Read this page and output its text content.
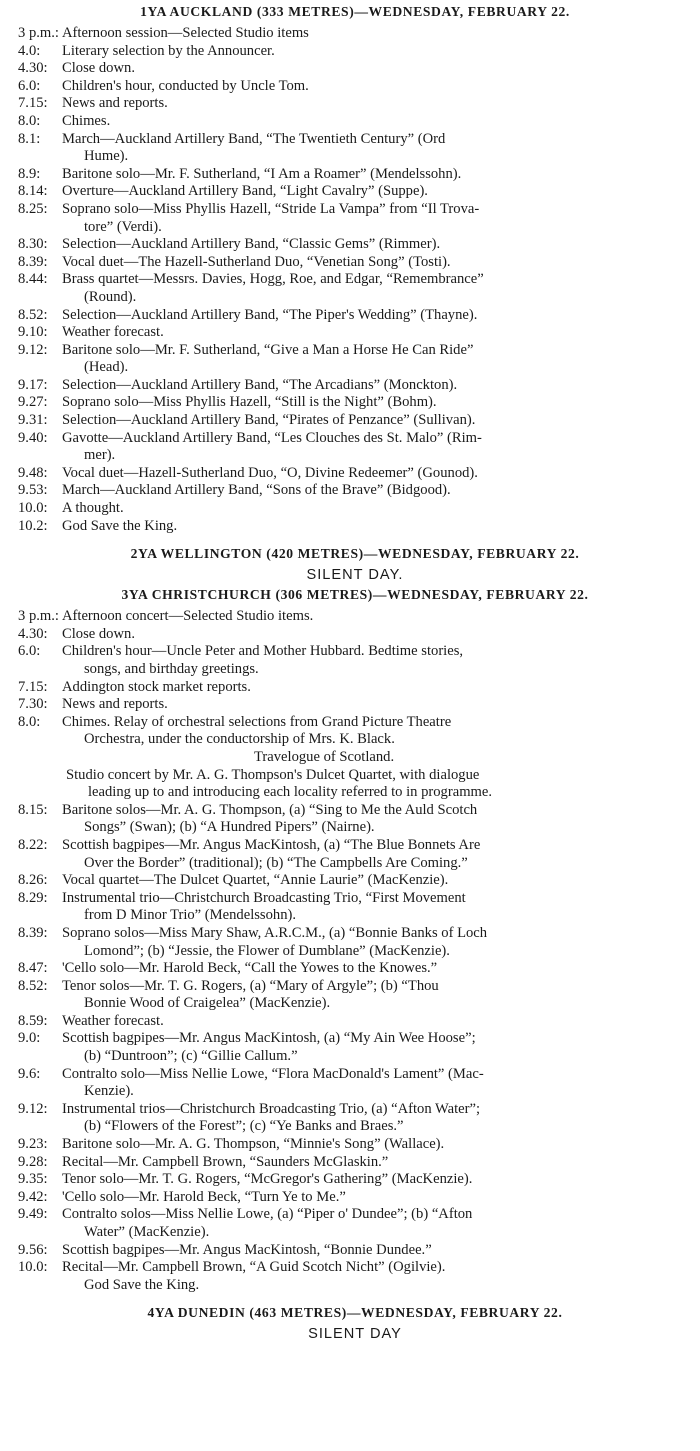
1YA AUCKLAND (333 METRES)—WEDNESDAY, FEBRUARY 22.
3 p.m.: Afternoon session—Selected Studio items
4.0:	Literary selection by the Announcer.
4.30: Close down.
6.0:	Children's hour, conducted by Uncle Tom.
7.15: News and reports.
8.0:	Chimes.
8.1:	March—Auckland Artillery Band, “The Twentieth Century” (Ord
Hume).
8.9:	Baritone solo—Mr. F. Sutherland, “I Am a Roamer” (Mendelssohn).
8.14: Overture—Auckland Artillery Band, “Light Cavalry” (Suppe).
8.25: Soprano solo—Miss Phyllis Hazell, “Stride La Vampa” from “Il Trova-
tore” (Verdi).
8.30: Selection—Auckland Artillery Band, “Classic Gems” (Rimmer).
8.39: Vocal duet—The Hazell-Sutherland Duo, “Venetian Song” (Tosti).
8.44: Brass quartet—Messrs. Davies, Hogg, Roe, and Edgar, “Remembrance”
(Round).
8.52: Selection—Auckland Artillery Band, “The Piper's Wedding” (Thayne).
9.10: Weather forecast.
9.12: Baritone solo—Mr. F. Sutherland, “Give a Man a Horse He Can Ride”
(Head).
9.17: Selection—Auckland Artillery Band, “The Arcadians” (Monckton).
9.27: Soprano solo—Miss Phyllis Hazell, “Still is the Night” (Bohm).
9.31: Selection—Auckland Artillery Band, “Pirates of Penzance” (Sullivan).
9.40: Gavotte—Auckland Artillery Band, “Les Clouches des St. Malo” (Rim-
mer).
9.48: Vocal duet—Hazell-Sutherland Duo, “O, Divine Redeemer” (Gounod).
9.53: March—Auckland Artillery Band, “Sons of the Brave” (Bidgood).
10.0: A thought.
10.2: God Save the King.
2YA WELLINGTON (420 METRES)—WEDNESDAY, FEBRUARY 22.
SILENT DAY.
3YA CHRISTCHURCH (306 METRES)—WEDNESDAY, FEBRUARY 22.
3 p.m.: Afternoon concert—Selected Studio items.
4.30: Close down.
6.0:	Children's hour—Uncle Peter and Mother Hubbard. Bedtime stories,
songs, and birthday greetings.
7.15: Addington stock market reports.
7.30: News and reports.
8.0:	Chimes. Relay of orchestral selections from Grand Picture Theatre
Orchestra, under the conductorship of Mrs. K. Black.
Travelogue of Scotland.
Studio concert by Mr. A. G. Thompson's Dulcet Quartet, with dialogue
leading up to and introducing each locality referred to in programme.
8.15: Baritone solos—Mr. A. G. Thompson, (a) “Sing to Me the Auld Scotch
Songs” (Swan); (b) “A Hundred Pipers” (Nairne).
8.22: Scottish bagpipes—Mr. Angus MacKintosh, (a) “The Blue Bonnets Are
Over the Border” (traditional); (b) “The Campbells Are Coming.”
8.26: Vocal quartet—The Dulcet Quartet, “Annie Laurie” (MacKenzie).
8.29: Instrumental trio—Christchurch Broadcasting Trio, “First Movement
from D Minor Trio” (Mendelssohn).
8.39: Soprano solos—Miss Mary Shaw, A.R.C.M., (a) “Bonnie Banks of Loch
Lomond”; (b) “Jessie, the Flower of Dumblane” (MacKenzie).
8.47: 'Cello solo—Mr. Harold Beck, “Call the Yowes to the Knowes.”
8.52: Tenor solos—Mr. T. G. Rogers, (a) “Mary of Argyle”; (b) “Thou
Bonnie Wood of Craigelea” (MacKenzie).
8.59: Weather forecast.
9.0:	Scottish bagpipes—Mr. Angus MacKintosh, (a) “My Ain Wee Hoose”;
(b) “Duntroon”; (c) “Gillie Callum.”
9.6:	Contralto solo—Miss Nellie Lowe, “Flora MacDonald's Lament” (Mac-
Kenzie).
9.12: Instrumental trios—Christchurch Broadcasting Trio, (a) “Afton Water”;
(b) “Flowers of the Forest”; (c) “Ye Banks and Braes.”
9.23: Baritone solo—Mr. A. G. Thompson, “Minnie's Song” (Wallace).
9.28: Recital—Mr. Campbell Brown, “Saunders McGlaskin.”
9.35: Tenor solo—Mr. T. G. Rogers, “McGregor's Gathering” (MacKenzie).
9.42: 'Cello solo—Mr. Harold Beck, “Turn Ye to Me.”
9.49: Contralto solos—Miss Nellie Lowe, (a) “Piper o' Dundee”; (b) “Afton
Water” (MacKenzie).
9.56: Scottish bagpipes—Mr. Angus MacKintosh, “Bonnie Dundee.”
10.0: Recital—Mr. Campbell Brown, “A Guid Scotch Nicht” (Ogilvie).
God Save the King.
4YA DUNEDIN (463 METRES)—WEDNESDAY, FEBRUARY 22.
SILENT DAY
